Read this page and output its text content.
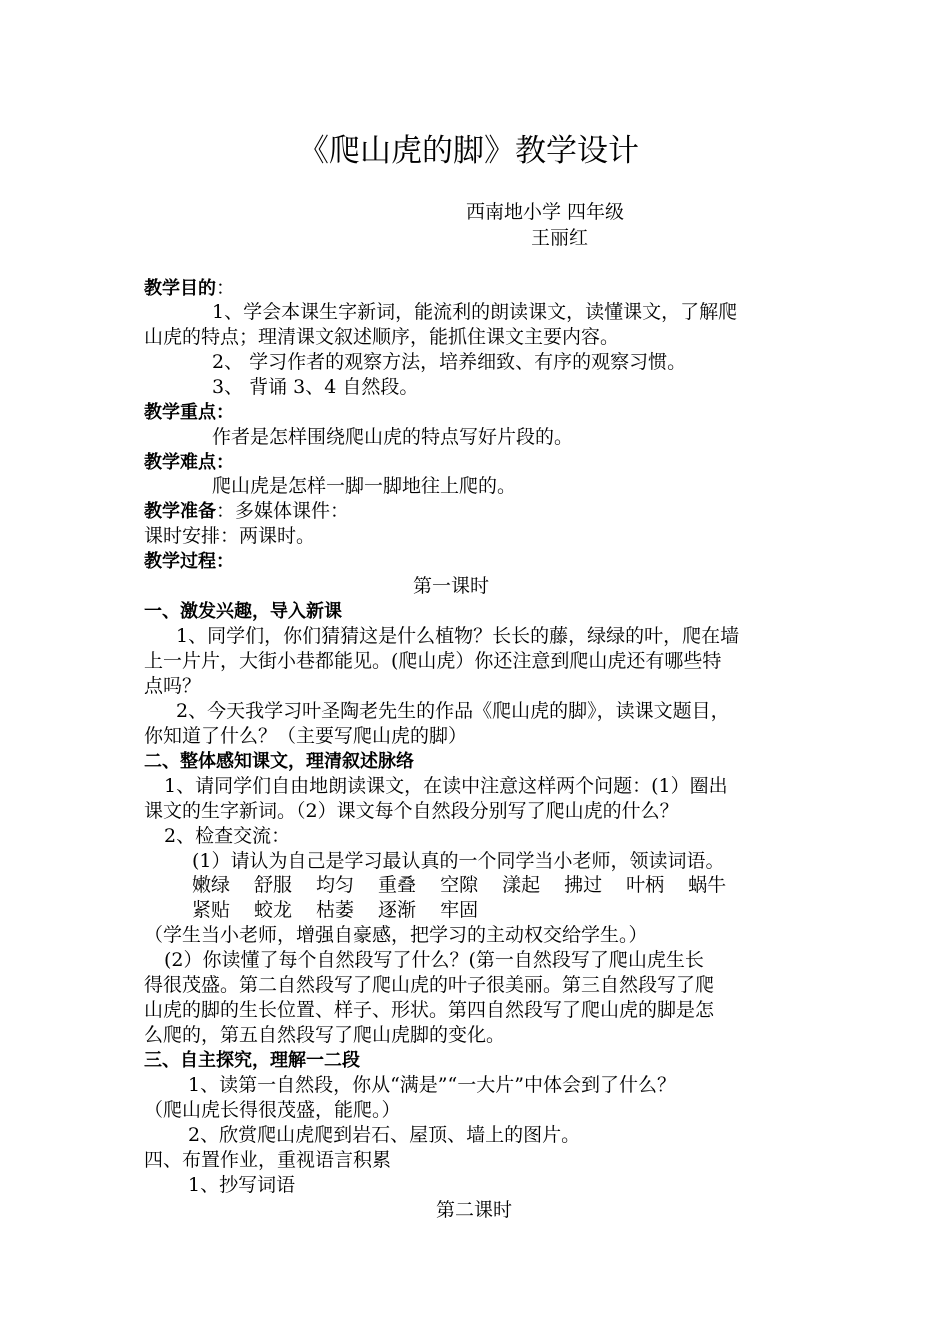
《爬山虎的脚》教学设计
西南地小学 四年级
王丽红
教学目的：
1、学会本课生字新词，能流利的朗读课文，读懂课文，了解爬
山虎的特点；理清课文叙述顺序，能抓住课文主要内容。
2、 学习作者的观察方法，培养细致、有序的观察习惯。
3、 背诵 3、4 自然段。
教学重点：
作者是怎样围绕爬山虎的特点写好片段的。
教学难点：
爬山虎是怎样一脚一脚地往上爬的。
教学准备：多媒体课件：
课时安排：两课时。
教学过程：
第一课时
一、激发兴趣，导入新课
1、同学们，你们猜猜这是什么植物？长长的藤，绿绿的叶，爬在墙
上一片片，大街小巷都能见。(爬山虎）你还注意到爬山虎还有哪些特
点吗？
2、今天我学习叶圣陶老先生的作品《爬山虎的脚》，读课文题目，
你知道了什么？（主要写爬山虎的脚）
二、整体感知课文，理清叙述脉络
1、请同学们自由地朗读课文，在读中注意这样两个问题：(1）圈出
课文的生字新词。（2）课文每个自然段分别写了爬山虎的什么？
2、检查交流：
(1）请认为自己是学习最认真的一个同学当小老师，领读词语。
嫩绿 舒服 均匀 重叠 空隙 漾起 拂过 叶柄 蜗牛
紧贴 蛟龙 枯萎 逐渐 牢固
（学生当小老师，增强自豪感，把学习的主动权交给学生。）
(2）你读懂了每个自然段写了什么？(第一自然段写了爬山虎生长
得很茂盛。第二自然段写了爬山虎的叶子很美丽。第三自然段写了爬
山虎的脚的生长位置、样子、形状。第四自然段写了爬山虎的脚是怎
么爬的，第五自然段写了爬山虎脚的变化。
三、自主探究，理解一二段
1、读第一自然段，你从“满是”“一大片”中体会到了什么？
（爬山虎长得很茂盛，能爬。）
2、欣赏爬山虎爬到岩石、屋顶、墙上的图片。
四、布置作业，重视语言积累
1、抄写词语
第二课时
